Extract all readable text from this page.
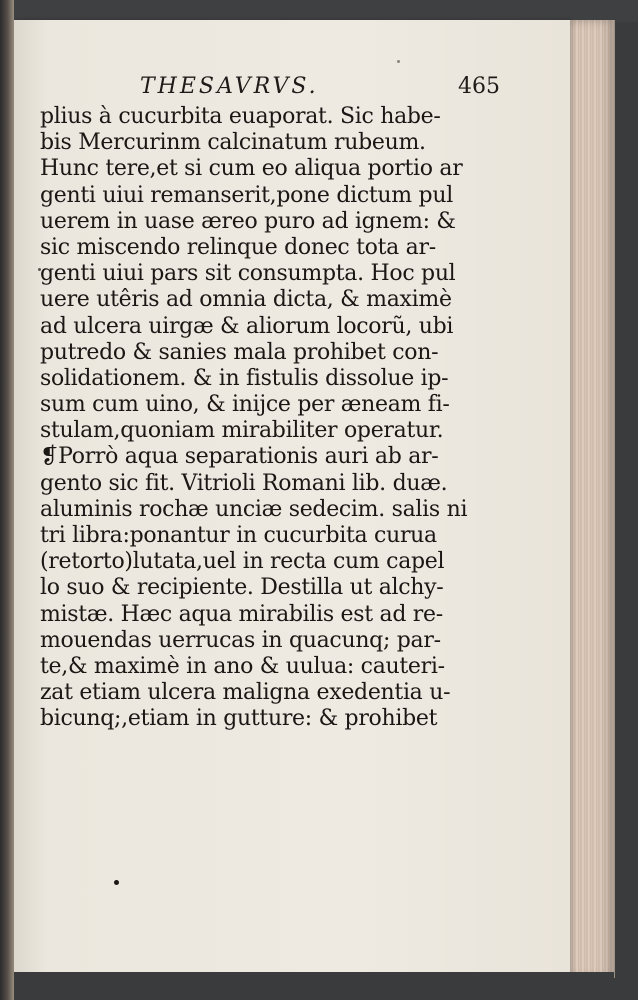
THESAVRVS.	465
plius à cucurbita euaporat. Sic habe-
bis Mercurinm calcinatum rubeum.
Hunc tere,et si cum eo aliqua portio ar
genti uiui remanserit,pone dictum pul
uerem in uase æreo puro ad ignem: &
sic miscendo relinque donec tota ar-
genti uiui pars sit consumpta. Hoc pul
uere utêris ad omnia dicta, & maximè
ad ulcera uirgæ & aliorum locorũ, ubi
putredo & sanies mala prohibet con-
solidationem. & in fistulis dissolue ip-
sum cum uino, & inijce per æneam fi-
stulam,quoniam mirabiliter operatur.
❡Porrò aqua separationis auri ab ar-
gento sic fit. Vitrioli Romani lib. duæ.
aluminis rochæ unciæ sedecim. salis ni
tri libra:ponantur in cucurbita curua
(retorto)lutata,uel in recta cum capel
lo suo & recipiente. Destilla ut alchy-
mistæ. Hæc aqua mirabilis est ad re-
mouendas uerrucas in quacunq; par-
te,& maximè in ano & uulua: cauteri-
zat etiam ulcera maligna exedentia u-
bicunq;,etiam in gutture: & prohibet
